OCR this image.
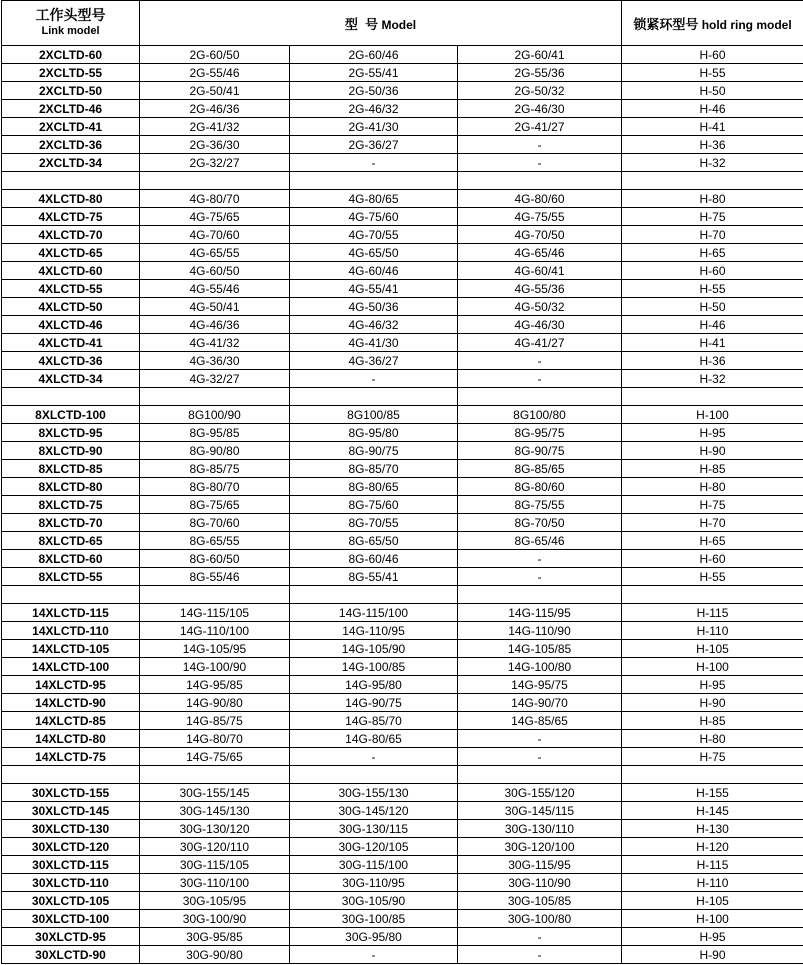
工作头型号
Link model	型  号 Model			锁紧环型号 hold ring model
2XCLTD-60	2G-60/50	2G-60/46	2G-60/41	H-60
2XCLTD-55	2G-55/46	2G-55/41	2G-55/36	H-55
2XCLTD-50	2G-50/41	2G-50/36	2G-50/32	H-50
2XCLTD-46	2G-46/36	2G-46/32	2G-46/30	H-46
2XCLTD-41	2G-41/32	2G-41/30	2G-41/27	H-41
2XCLTD-36	2G-36/30	2G-36/27	-	H-36
2XCLTD-34	2G-32/27	-	-	H-32

4XLCTD-80	4G-80/70	4G-80/65	4G-80/60	H-80
4XLCTD-75	4G-75/65	4G-75/60	4G-75/55	H-75
4XLCTD-70	4G-70/60	4G-70/55	4G-70/50	H-70
4XLCTD-65	4G-65/55	4G-65/50	4G-65/46	H-65
4XLCTD-60	4G-60/50	4G-60/46	4G-60/41	H-60
4XLCTD-55	4G-55/46	4G-55/41	4G-55/36	H-55
4XLCTD-50	4G-50/41	4G-50/36	4G-50/32	H-50
4XLCTD-46	4G-46/36	4G-46/32	4G-46/30	H-46
4XLCTD-41	4G-41/32	4G-41/30	4G-41/27	H-41
4XLCTD-36	4G-36/30	4G-36/27	-	H-36
4XLCTD-34	4G-32/27	-	-	H-32

8XLCTD-100	8G100/90	8G100/85	8G100/80	H-100
8XLCTD-95	8G-95/85	8G-95/80	8G-95/75	H-95
8XLCTD-90	8G-90/80	8G-90/75	8G-90/75	H-90
8XLCTD-85	8G-85/75	8G-85/70	8G-85/65	H-85
8XLCTD-80	8G-80/70	8G-80/65	8G-80/60	H-80
8XLCTD-75	8G-75/65	8G-75/60	8G-75/55	H-75
8XLCTD-70	8G-70/60	8G-70/55	8G-70/50	H-70
8XLCTD-65	8G-65/55	8G-65/50	8G-65/46	H-65
8XLCTD-60	8G-60/50	8G-60/46	-	H-60
8XLCTD-55	8G-55/46	8G-55/41	-	H-55

14XLCTD-115	14G-115/105	14G-115/100	14G-115/95	H-115
14XLCTD-110	14G-110/100	14G-110/95	14G-110/90	H-110
14XLCTD-105	14G-105/95	14G-105/90	14G-105/85	H-105
14XLCTD-100	14G-100/90	14G-100/85	14G-100/80	H-100
14XLCTD-95	14G-95/85	14G-95/80	14G-95/75	H-95
14XLCTD-90	14G-90/80	14G-90/75	14G-90/70	H-90
14XLCTD-85	14G-85/75	14G-85/70	14G-85/65	H-85
14XLCTD-80	14G-80/70	14G-80/65	-	H-80
14XLCTD-75	14G-75/65	-	-	H-75

30XLCTD-155	30G-155/145	30G-155/130	30G-155/120	H-155
30XLCTD-145	30G-145/130	30G-145/120	30G-145/115	H-145
30XLCTD-130	30G-130/120	30G-130/115	30G-130/110	H-130
30XLCTD-120	30G-120/110	30G-120/105	30G-120/100	H-120
30XLCTD-115	30G-115/105	30G-115/100	30G-115/95	H-115
30XLCTD-110	30G-110/100	30G-110/95	30G-110/90	H-110
30XLCTD-105	30G-105/95	30G-105/90	30G-105/85	H-105
30XLCTD-100	30G-100/90	30G-100/85	30G-100/80	H-100
30XLCTD-95	30G-95/85	30G-95/80	-	H-95
30XLCTD-90	30G-90/80	-	-	H-90
